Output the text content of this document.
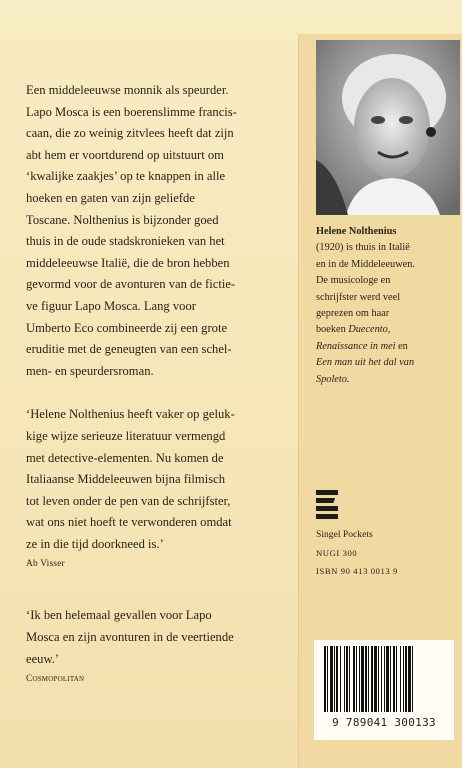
Een middeleeuwse monnik als speurder.

Lapo Mosca is een boerenslimme francis-

caan, die zo weinig zitvlees heeft dat zijn

abt hem er voortdurend op uitstuurt om

‘kwalijke zaakjes’ op te knappen in alle

hoeken en gaten van zijn geliefde

Toscane. Nolthenius is bijzonder goed

thuis in de oude stadskronieken van het

middeleeuwse Italië, die de bron hebben

gevormd voor de avonturen van de fictie-

ve figuur Lapo Mosca. Lang voor

Umberto Eco combineerde zij een grote

eruditie met de geneugten van een schel-

men- en speurdersroman.

‘Helene Nolthenius heeft vaker op geluk-

kige wijze serieuze literatuur vermengd

met detective-elementen. Nu komen de

Italiaanse Middeleeuwen bijna filmisch

tot leven onder de pen van de schrijfster,

wat ons niet hoeft te verwonderen omdat

ze in die tijd doorkneed is.’

Ab Visser

‘Ik ben helemaal gevallen voor Lapo

Mosca en zijn avonturen in de veertiende

eeuw.’

Cosmopolitan

Helene Nolthenius

(1920) is thuis in Italië

en in de Middeleeuwen.

De musicologe en

schrijfster werd veel

geprezen om haar

boeken Duecento,

Renaissance in mei en

Een man uit het dal van

Spoleto.

Singel Pockets
NUGI 300
ISBN 90 413 0013 9
9 789041 300133
